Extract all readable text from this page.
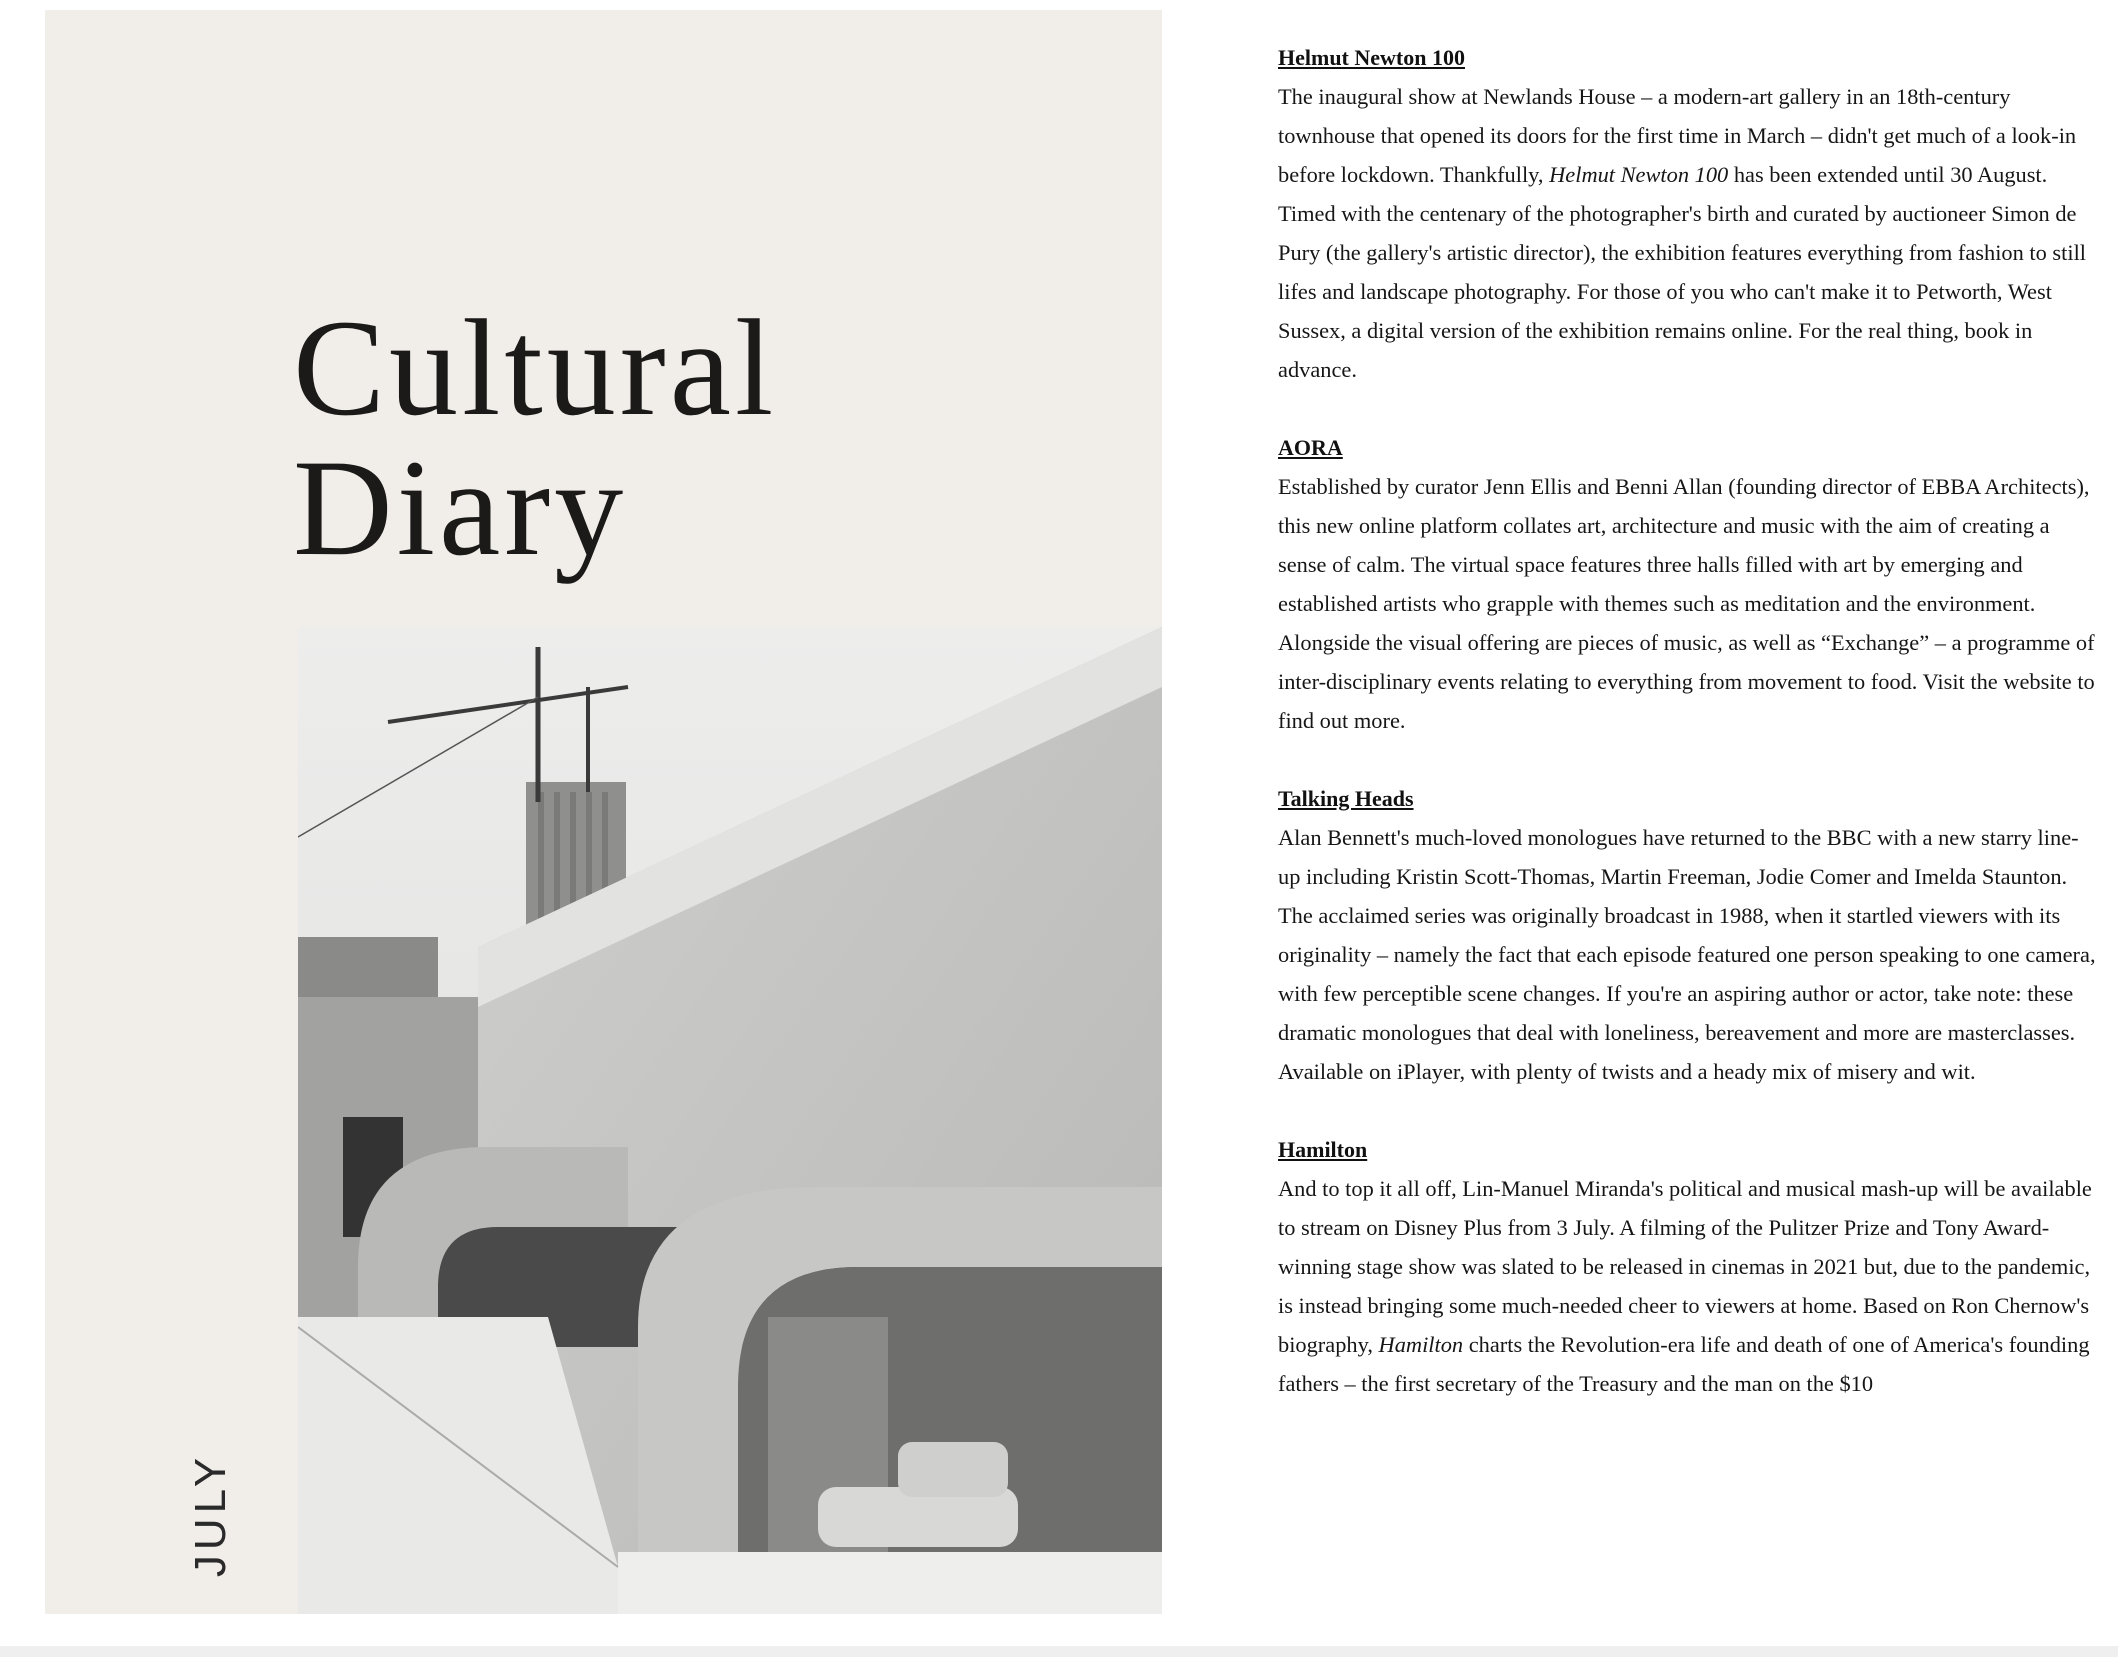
Cultural
Diary
JULY
Helmut Newton 100

The inaugural show at Newlands House – a modern-art gallery in an 18th-century townhouse that opened its doors for the first time in March – didn't get much of a look-in before lockdown. Thankfully, Helmut Newton 100 has been extended until 30 August. Timed with the centenary of the photographer's birth and curated by auctioneer Simon de Pury (the gallery's artistic director), the exhibition features everything from fashion to still lifes and landscape photography. For those of you who can't make it to Petworth, West Sussex, a digital version of the exhibition remains online. For the real thing, book in advance.

AORA

Established by curator Jenn Ellis and Benni Allan (founding director of EBBA Architects), this new online platform collates art, architecture and music with the aim of creating a sense of calm. The virtual space features three halls filled with art by emerging and established artists who grapple with themes such as meditation and the environment. Alongside the visual offering are pieces of music, as well as “Exchange” – a programme of inter-disciplinary events relating to everything from movement to food. Visit the website to find out more.

Talking Heads

Alan Bennett's much-loved monologues have returned to the BBC with a new starry line-up including Kristin Scott-Thomas, Martin Freeman, Jodie Comer and Imelda Staunton. The acclaimed series was originally broadcast in 1988, when it startled viewers with its originality – namely the fact that each episode featured one person speaking to one camera, with few perceptible scene changes. If you're an aspiring author or actor, take note: these dramatic monologues that deal with loneliness, bereavement and more are masterclasses. Available on iPlayer, with plenty of twists and a heady mix of misery and wit.

Hamilton

And to top it all off, Lin-Manuel Miranda's political and musical mash-up will be available to stream on Disney Plus from 3 July. A filming of the Pulitzer Prize and Tony Award-winning stage show was slated to be released in cinemas in 2021 but, due to the pandemic, is instead bringing some much-needed cheer to viewers at home. Based on Ron Chernow's biography, Hamilton charts the Revolution-era life and death of one of America's founding fathers – the first secretary of the Treasury and the man on the $10
